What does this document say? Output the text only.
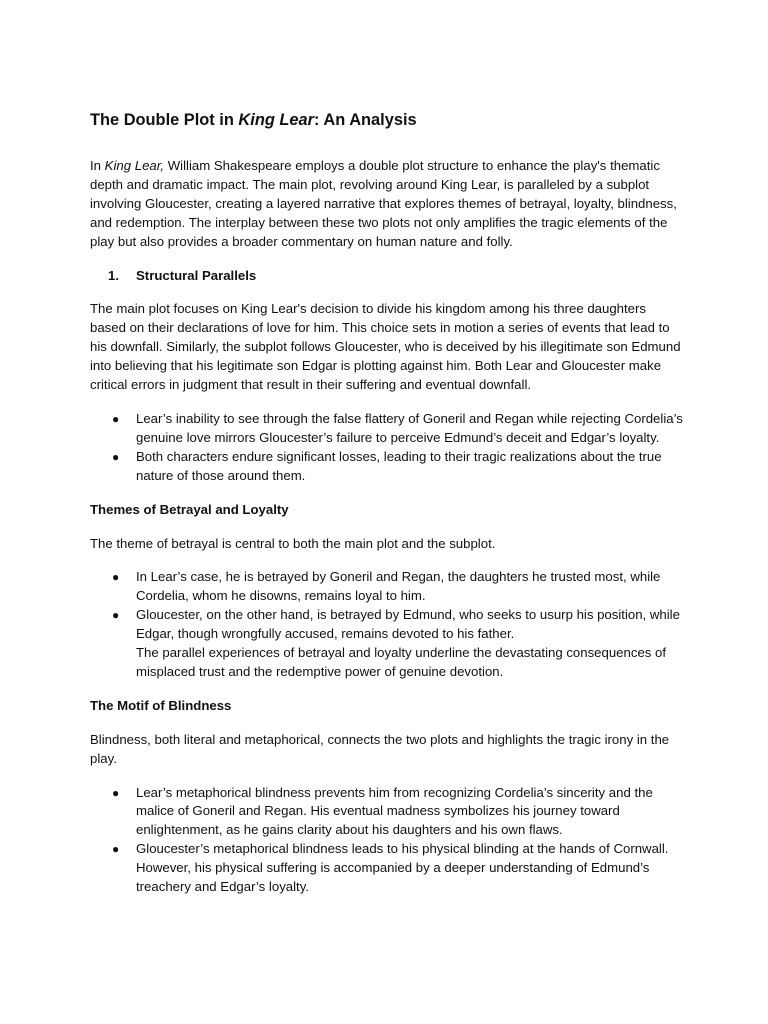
The Double Plot in King Lear: An Analysis

In King Lear, William Shakespeare employs a double plot structure to enhance the play's thematic depth and dramatic impact. The main plot, revolving around King Lear, is paralleled by a subplot involving Gloucester, creating a layered narrative that explores themes of betrayal, loyalty, blindness, and redemption. The interplay between these two plots not only amplifies the tragic elements of the play but also provides a broader commentary on human nature and folly.

1.	Structural Parallels

The main plot focuses on King Lear's decision to divide his kingdom among his three daughters based on their declarations of love for him. This choice sets in motion a series of events that lead to his downfall. Similarly, the subplot follows Gloucester, who is deceived by his illegitimate son Edmund into believing that his legitimate son Edgar is plotting against him. Both Lear and Gloucester make critical errors in judgment that result in their suffering and eventual downfall.

● Lear’s inability to see through the false flattery of Goneril and Regan while rejecting Cordelia’s genuine love mirrors Gloucester’s failure to perceive Edmund’s deceit and Edgar’s loyalty.
● Both characters endure significant losses, leading to their tragic realizations about the true nature of those around them.
Themes of Betrayal and Loyalty

The theme of betrayal is central to both the main plot and the subplot.

● In Lear’s case, he is betrayed by Goneril and Regan, the daughters he trusted most, while Cordelia, whom he disowns, remains loyal to him.
● Gloucester, on the other hand, is betrayed by Edmund, who seeks to usurp his position, while Edgar, though wrongfully accused, remains devoted to his father.
The parallel experiences of betrayal and loyalty underline the devastating consequences of misplaced trust and the redemptive power of genuine devotion.
The Motif of Blindness

Blindness, both literal and metaphorical, connects the two plots and highlights the tragic irony in the play.

● Lear’s metaphorical blindness prevents him from recognizing Cordelia’s sincerity and the malice of Goneril and Regan. His eventual madness symbolizes his journey toward enlightenment, as he gains clarity about his daughters and his own flaws.
● Gloucester’s metaphorical blindness leads to his physical blinding at the hands of Cornwall. However, his physical suffering is accompanied by a deeper understanding of Edmund’s treachery and Edgar’s loyalty.
